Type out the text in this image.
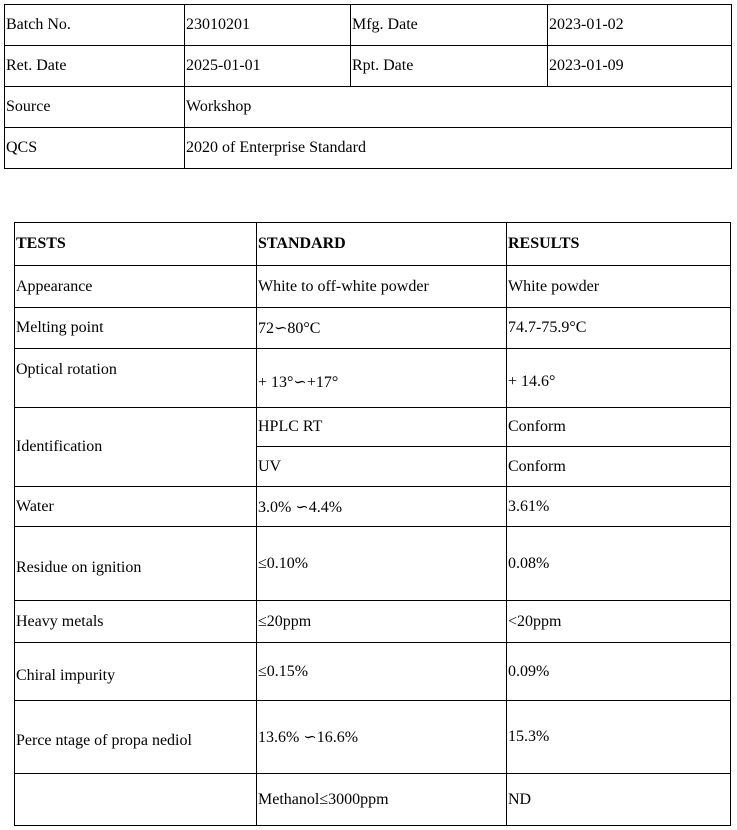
Batch No.	23010201	Mfg. Date	2023-01-02
Ret. Date	2025-01-01	Rpt. Date	2023-01-09
Source	Workshop		
QCS	2020 of Enterprise Standard		
TESTS	STANDARD	RESULTS
Appearance	White to off-white powder	White powder
Melting point	72∽80°C	74.7-75.9°C
Optical rotation	+ 13°∽+17°	+ 14.6°
Identification	HPLC RT	Conform
	UV	Conform
Water	3.0% ∽4.4%	3.61%
Residue on ignition	≤0.10%	0.08%
Heavy metals	≤20ppm	<20ppm
Chiral impurity	≤0.15%	0.09%
Perce ntage of propa nediol	13.6% ∽16.6%	15.3%
	Methanol≤3000ppm	ND
